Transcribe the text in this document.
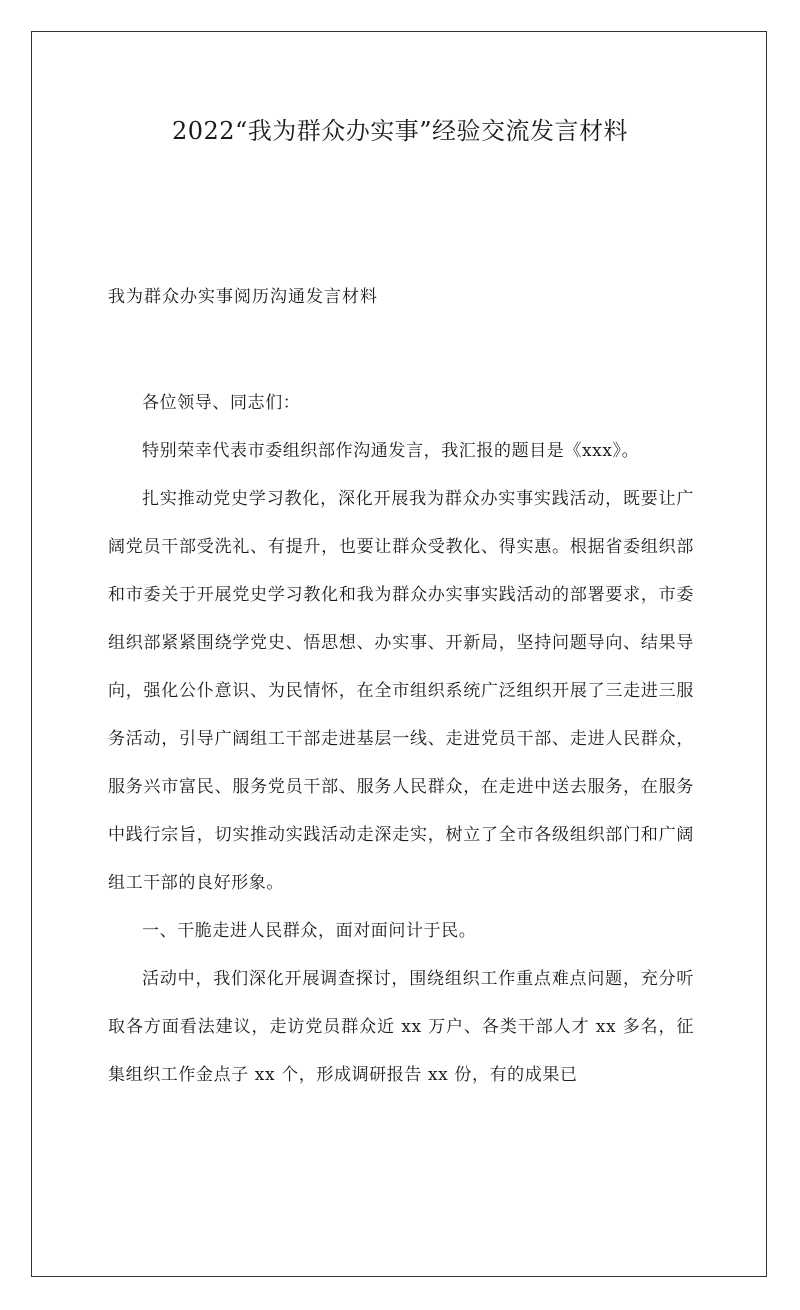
2022“我为群众办实事”经验交流发言材料

我为群众办实事阅历沟通发言材料

各位领导、同志们：

特别荣幸代表市委组织部作沟通发言，我汇报的题目是《xxx》。

扎实推动党史学习教化，深化开展我为群众办实事实践活动，既要让广阔党员干部受洗礼、有提升，也要让群众受教化、得实惠。根据省委组织部和市委关于开展党史学习教化和我为群众办实事实践活动的部署要求，市委组织部紧紧围绕学党史、悟思想、办实事、开新局，坚持问题导向、结果导向，强化公仆意识、为民情怀，在全市组织系统广泛组织开展了三走进三服务活动，引导广阔组工干部走进基层一线、走进党员干部、走进人民群众，服务兴市富民、服务党员干部、服务人民群众，在走进中送去服务，在服务中践行宗旨，切实推动实践活动走深走实，树立了全市各级组织部门和广阔组工干部的良好形象。

一、干脆走进人民群众，面对面问计于民。

活动中，我们深化开展调查探讨，围绕组织工作重点难点问题，充分听取各方面看法建议，走访党员群众近 xx 万户、各类干部人才 xx 多名，征集组织工作金点子 xx 个，形成调研报告 xx 份，有的成果已
